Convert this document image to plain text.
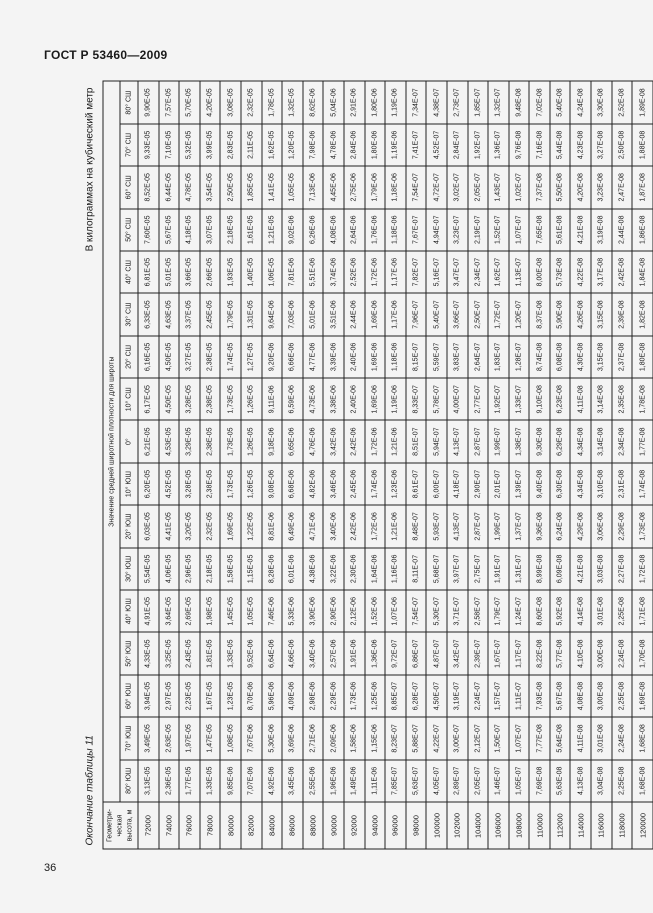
ГОСТ Р 53460—2009
Окончание таблицы 11
В килограммах на кубический метр
Геометри- ческая высота, м	Значение средней широтной плотности для широты																
	80° ЮШ	70° ЮШ	60° ЮШ	50° ЮШ	40° ЮШ	30° ЮШ	20° ЮШ	10° ЮШ	0°	10° СШ	20° СШ	30° СШ	40° СШ	50° СШ	60° СШ	70° СШ	80° СШ
72000	3,13E-05	3,49E-05	3,94E-05	4,33E-05	4,91E-05	5,54E-05	6,03E-05	6,20E-05	6,21E-05	6,17E-05	6,16E-05	6,33E-05	6,81E-05	7,60E-05	8,52E-05	9,33E-05	9,90E-05
74000	2,36E-05	2,63E-05	2,97E-05	3,25E-05	3,64E-05	4,06E-05	4,41E-05	4,52E-05	4,53E-05	4,50E-05	4,50E-05	4,63E-05	5,01E-05	5,67E-05	6,44E-05	7,10E-05	7,57E-05
76000	1,77E-05	1,97E-05	2,23E-05	2,43E-05	2,69E-05	2,96E-05	3,20E-05	3,28E-05	3,29E-05	3,28E-05	3,27E-05	3,37E-05	3,66E-05	4,18E-05	4,78E-05	5,32E-05	5,70E-05
78000	1,33E-05	1,47E-05	1,67E-05	1,81E-05	1,98E-05	2,18E-05	2,32E-05	2,38E-05	2,38E-05	2,38E-05	2,38E-05	2,45E-05	2,66E-05	3,07E-05	3,54E-05	3,99E-05	4,20E-05
80000	9,85E-06	1,08E-05	1,23E-05	1,33E-05	1,45E-05	1,58E-05	1,69E-05	1,73E-05	1,73E-05	1,73E-05	1,74E-05	1,79E-05	1,93E-05	2,18E-05	2,50E-05	2,83E-05	3,08E-05
82000	7,07E-06	7,67E-06	8,70E-06	9,52E-06	1,05E-05	1,15E-05	1,22E-05	1,26E-05	1,26E-05	1,26E-05	1,27E-05	1,31E-05	1,40E-05	1,61E-05	1,85E-05	2,11E-05	2,32E-05
84000	4,92E-06	5,30E-06	5,96E-06	6,64E-06	7,46E-06	8,28E-06	8,81E-06	9,08E-06	9,18E-06	9,11E-06	9,20E-06	9,64E-06	1,06E-05	1,21E-05	1,41E-05	1,62E-05	1,78E-05
86000	3,45E-06	3,69E-06	4,09E-06	4,66E-06	5,33E-06	6,01E-06	6,49E-06	6,68E-06	6,65E-06	6,59E-06	6,66E-06	7,03E-06	7,81E-06	9,02E-06	1,05E-05	1,20E-05	1,32E-05
88000	2,55E-06	2,71E-06	2,98E-06	3,40E-06	3,90E-06	4,38E-06	4,71E-06	4,82E-06	4,76E-06	4,73E-06	4,77E-06	5,01E-06	5,51E-06	6,26E-06	7,13E-06	7,98E-06	8,62E-06
90000	1,96E-06	2,09E-06	2,29E-06	2,57E-06	2,90E-06	3,22E-06	3,40E-06	3,46E-06	3,42E-06	3,38E-06	3,39E-06	3,51E-06	3,74E-06	4,08E-06	4,45E-06	4,78E-06	5,04E-06
92000	1,49E-06	1,58E-06	1,73E-06	1,91E-06	2,12E-06	2,30E-06	2,42E-06	2,45E-06	2,42E-06	2,40E-06	2,40E-06	2,44E-06	2,52E-06	2,64E-06	2,75E-06	2,84E-06	2,91E-06
94000	1,11E-06	1,15E-06	1,25E-06	1,36E-06	1,52E-06	1,64E-06	1,72E-06	1,74E-06	1,72E-06	1,69E-06	1,69E-06	1,69E-06	1,72E-06	1,76E-06	1,79E-06	1,80E-06	1,80E-06
96000	7,85E-07	8,23E-07	8,85E-07	9,72E-07	1,07E-06	1,16E-06	1,21E-06	1,23E-06	1,21E-06	1,19E-06	1,18E-06	1,17E-06	1,17E-06	1,18E-06	1,18E-06	1,19E-06	1,19E-06
98000	5,63E-07	5,88E-07	6,28E-07	6,86E-07	7,54E-07	8,11E-07	8,48E-07	8,61E-07	8,51E-07	8,33E-07	8,15E-07	7,96E-07	7,82E-07	7,67E-07	7,54E-07	7,41E-07	7,34E-07
100000	4,05E-07	4,22E-07	4,50E-07	4,87E-07	5,30E-07	5,68E-07	5,93E-07	6,00E-07	5,94E-07	5,78E-07	5,59E-07	5,40E-07	5,16E-07	4,94E-07	4,72E-07	4,52E-07	4,38E-07
102000	2,89E-07	3,00E-07	3,19E-07	3,42E-07	3,71E-07	3,97E-07	4,13E-07	4,18E-07	4,13E-07	4,00E-07	3,83E-07	3,66E-07	3,47E-07	3,23E-07	3,02E-07	2,84E-07	2,73E-07
104000	2,05E-07	2,12E-07	2,24E-07	2,39E-07	2,58E-07	2,75E-07	2,87E-07	2,90E-07	2,87E-07	2,77E-07	2,64E-07	2,50E-07	2,34E-07	2,19E-07	2,05E-07	1,92E-07	1,85E-07
106000	1,46E-07	1,50E-07	1,57E-07	1,67E-07	1,79E-07	1,91E-07	1,99E-07	2,01E-07	1,99E-07	1,92E-07	1,83E-07	1,72E-07	1,62E-07	1,52E-07	1,43E-07	1,36E-07	1,32E-07
108000	1,05E-07	1,07E-07	1,11E-07	1,17E-07	1,24E-07	1,31E-07	1,37E-07	1,39E-07	1,38E-07	1,33E-07	1,28E-07	1,20E-07	1,13E-07	1,07E-07	1,02E-07	9,76E-08	9,48E-08
110000	7,69E-08	7,77E-08	7,93E-08	8,22E-08	8,60E-08	8,99E-08	9,36E-08	9,40E-08	9,30E-08	9,10E-08	8,74E-08	8,37E-08	8,00E-08	7,65E-08	7,37E-08	7,16E-08	7,02E-08
112000	5,63E-08	5,64E-08	5,67E-08	5,77E-08	5,92E-08	6,09E-08	6,24E-08	6,30E-08	6,29E-08	6,23E-08	6,08E-08	5,90E-08	5,73E-08	5,61E-08	5,50E-08	5,44E-08	5,40E-08
114000	4,13E-08	4,11E-08	4,08E-08	4,10E-08	4,14E-08	4,21E-08	4,29E-08	4,34E-08	4,34E-08	4,11E-08	4,30E-08	4,26E-08	4,22E-08	4,21E-08	4,20E-08	4,23E-08	4,24E-08
116000	3,04E-08	3,01E-08	3,00E-08	3,00E-08	3,01E-08	3,03E-08	3,06E-08	3,10E-08	3,14E-08	3,14E-08	3,15E-08	3,15E-08	3,17E-08	3,19E-08	3,23E-08	3,27E-08	3,30E-08
118000	2,25E-08	2,24E-08	2,25E-08	2,24E-08	2,25E-08	2,27E-08	2,29E-08	2,31E-08	2,34E-08	2,35E-08	2,37E-08	2,39E-08	2,42E-08	2,44E-08	2,47E-08	2,50E-08	2,52E-08
120000	1,68E-08	1,68E-08	1,69E-08	1,70E-08	1,71E-08	1,72E-08	1,73E-08	1,74E-08	1,77E-08	1,78E-08	1,80E-08	1,82E-08	1,84E-08	1,86E-08	1,87E-08	1,88E-08	1,89E-08
36
